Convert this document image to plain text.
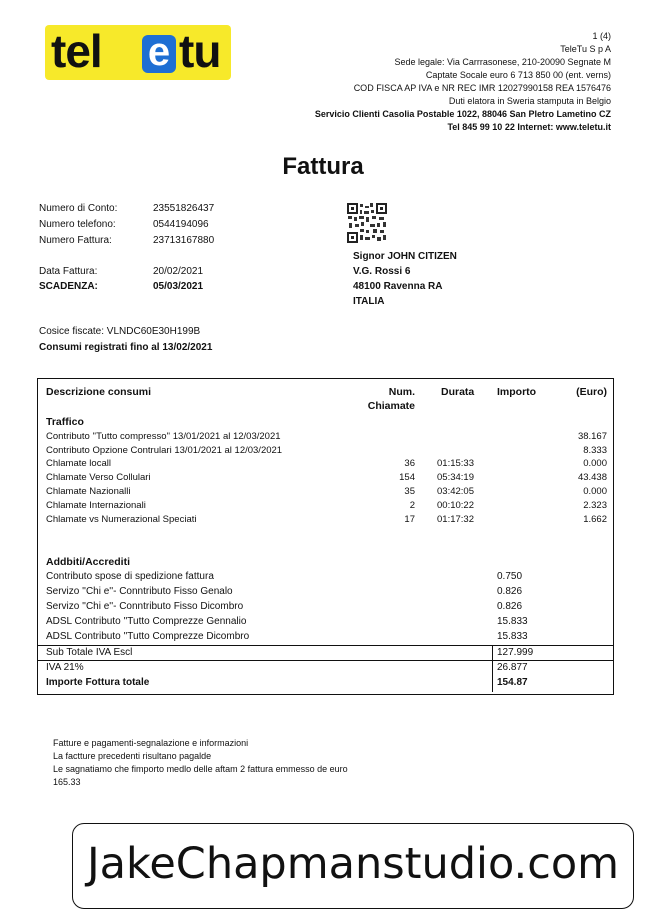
tel e tu	1 (4)
TeleTu S p A
Sede legale: Via Carrrasonese, 210-20090 Segnate M
Captate Socale euro 6 713 850 00 (ent. verns)
COD FISCA AP IVA e NR REC IMR 12027990158 REA 1576476
Duti elatora in Sweria stamputa in Belgio
Servicio Clienti Casolia Postable 1022, 88046 San Pletro Lametino CZ
Tel 845 99 10 22 Internet: www.teletu.it
Fattura
Numero di Conto:	23551826437
Numero telefono:	0544194096
Numero Fattura:	23713167880
Data Fattura:	20/02/2021
SCADENZA:	05/03/2021
Cosice fiscate: VLNDC60E30H199B
Consumi registrati fino al 13/02/2021
Signor JOHN CITIZEN
V.G. Rossi 6
48100 Ravenna RA
ITALIA
Descrizione consumi	Num.
Chiamate
Durata Importo	(Euro)
Traffico
Contributo ''Tutto compresso'' 13/01/2021 al 12/03/2021	38.167
Contributo Opzione Contrulari 13/01/2021 al 12/03/2021	8.333
Chlamate locall	36 01:15:33	0.000
Chlamate Verso Collulari	154 05:34:19	43.438
Chlamate Nazionalli	35 03:42:05	0.000
Chlamate Internazionali	2 00:10:22	2.323
Chlamate vs Numerazional Speciati	17 01:17:32	1.662
Addbiti/Accrediti
Contributo spose di spedizione fattura	0.750
Servizo ''Chi e''- Conntributo Fisso Genalo	0.826
Servizo ''Chi e''- Conntributo Fisso Dicombro	0.826
ADSL Contributo ''Tutto Comprezze Gennalio	15.833
ADSL Contributo ''Tutto Comprezze Dicombro	15.833
Sub Totale IVA Escl	127.999
IVA 21%	26.877
Importe Fottura totale	154.87
Fatture e pagamenti-segnalazione e informazioni
La factture precedenti risultano pagalde
Le sagnatiamo che fimporto medlo delle aftam 2 fattura emmesso de euro
165.33
JakeChapmanstudio.com
